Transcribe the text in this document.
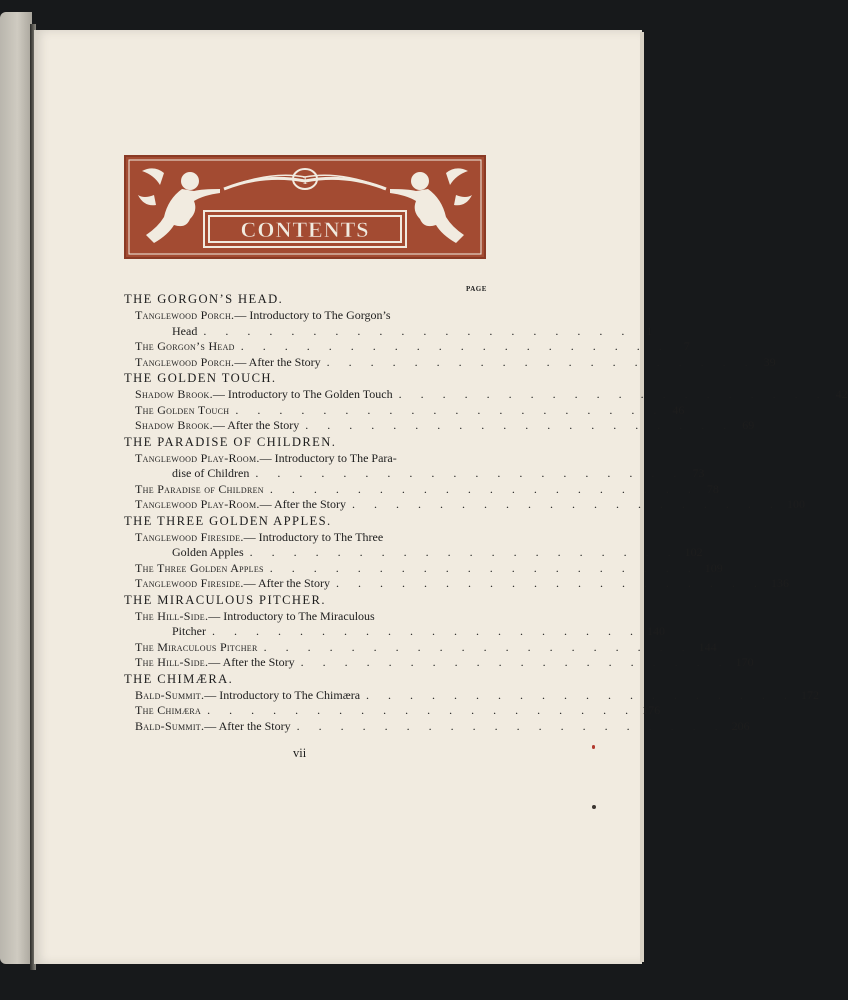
1
CONTENTS
PAGE
THE GORGON’S HEAD.
Tanglewood Porch. — Introductory to The Gorgon’s
Head . . . . . . . . . . . . . . . . . . . .	1
The Gorgon’s Head . . . . . . . . . . . . . . . . . . . .	7
Tanglewood Porch. — After the Story . . . . . . . . . . . . . . . . . . . . 39
THE GOLDEN TOUCH.
Shadow Brook. — Introductory to The Golden Touch . . . . . . . . . . . . . . . . . . . . 42
The Golden Touch . . . . . . . . . . . . . . . . . . . . 46
Shadow Brook. — After the Story . . . . . . . . . . . . . . . . . . . . 69
THE PARADISE OF CHILDREN.
Tanglewood Play-Room. — Introductory to The Para-
dise of Children . . . . . . . . . . . . . . . . . . . . 73
The Paradise of Children . . . . . . . . . . . . . . . . . . . . 78
Tanglewood Play-Room. — After the Story . . . . . . . . . . . . . . . . . . . . 100
THE THREE GOLDEN APPLES.
Tanglewood Fireside. — Introductory to The Three
Golden Apples . . . . . . . . . . . . . . . . . . . . 102
The Three Golden Apples . . . . . . . . . . . . . . . . . . . . 109
Tanglewood Fireside. — After the Story . . . . . . . . . . . . . . . . . . . . 136
THE MIRACULOUS PITCHER.
The Hill-Side. — Introductory to The Miraculous
Pitcher . . . . . . . . . . . . . . . . . . . . 140
The Miraculous Pitcher . . . . . . . . . . . . . . . . . . . . 144
The Hill-Side. — After the Story . . . . . . . . . . . . . . . . . . . . 170
THE CHIMÆRA.
Bald-Summit. — Introductory to The Chimæra . . . . . . . . . . . . . . . . . . . . 172
The Chimæra . . . . . . . . . . . . . . . . . . . . 176
Bald-Summit. — After the Story . . . . . . . . . . . . . . . . . . . . 206
vii
